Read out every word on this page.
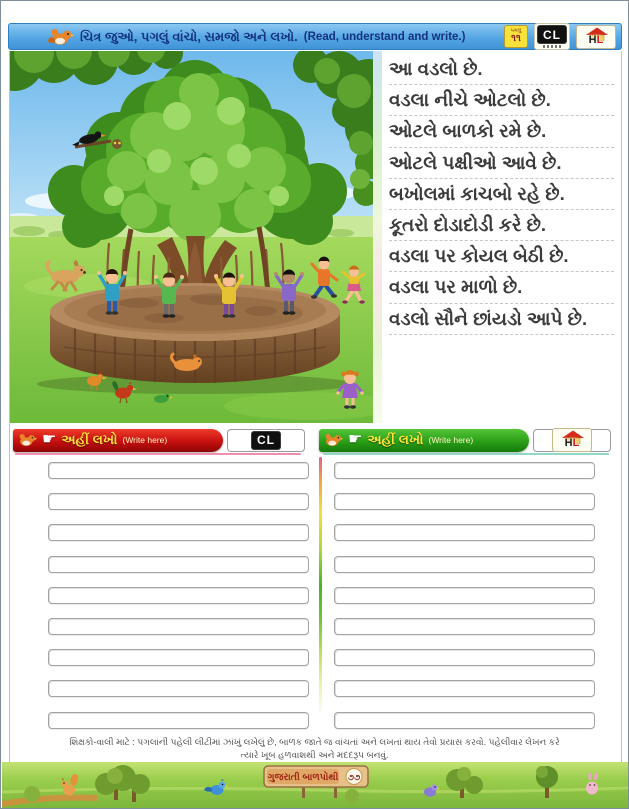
ચિત્ર જુઓ, પગલું વાંચો, સમજો અને લખો. (Read, understand and write.)	પગલું
૧૧	CL	HL
આ વડલો છે.
વડલા નીચે ઓટલો છે.
ઓટલે બાળકો રમે છે.
ઓટલે પક્ષીઓ આવે છે.
બખોલમાં કાચબો રહે છે.
કૂતરો દોડાદોડી કરે છે.
વડલા પર કોયલ બેઠી છે.
વડલા પર માળો છે.
વડલો સૌને છાંયડો આપે છે.
☛ અહીં લખો (Write here)	CL	☛ અહીં લખો (Write here)	HL
શિક્ષકો-વાલી માટે : પગલાંની પહેલી લીટીમાં ઝાંખું લખેલું છે, બાળક જાતે જ વાંચતાં અને લખતાં થાય તેવો પ્રયાસ કરવો. પહેલીવાર લેખન કરે
ત્યારે ખૂબ હળવાશથી અને મદદરૂપ બનવું.
ગુજરાતી બાળપોથી ૭૭
